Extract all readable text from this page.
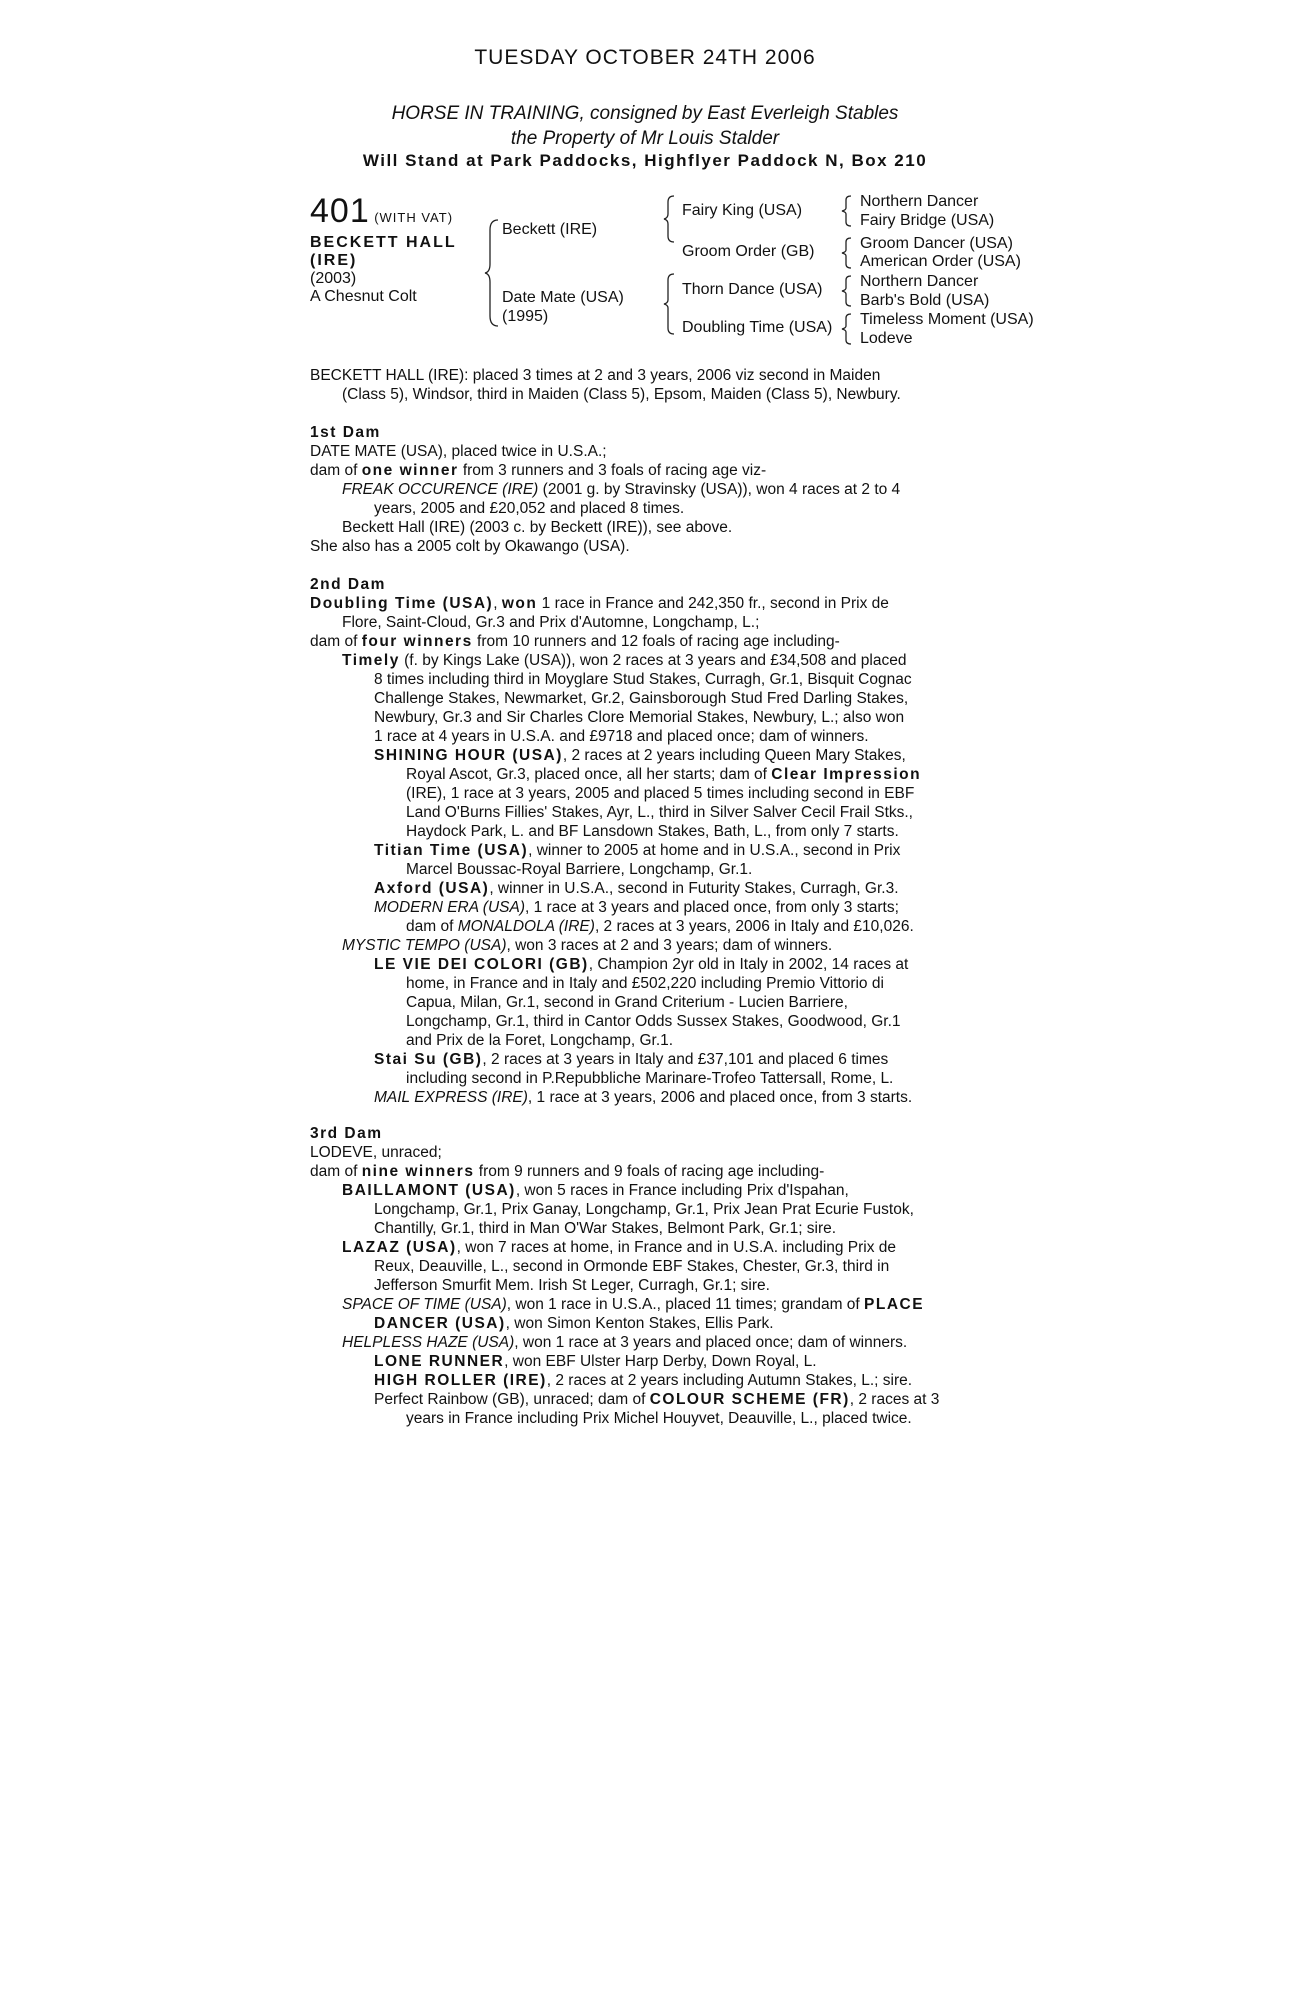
TUESDAY OCTOBER 24TH 2006
HORSE IN TRAINING, consigned by East Everleigh Stables
the Property of Mr Louis Stalder
Will Stand at Park Paddocks, Highflyer Paddock N, Box 210
401 (WITH VAT)
BECKETT HALL
(IRE)
(2003)
A Chesnut Colt
Beckett (IRE)
Date Mate (USA)
(1995)
Fairy King (USA)
Groom Order (GB)
Thorn Dance (USA)
Doubling Time (USA)
Northern Dancer
Fairy Bridge (USA)
Groom Dancer (USA)
American Order (USA)
Northern Dancer
Barb's Bold (USA)
Timeless Moment (USA)
Lodeve
BECKETT HALL (IRE): placed 3 times at 2 and 3 years, 2006 viz second in Maiden
(Class 5), Windsor, third in Maiden (Class 5), Epsom, Maiden (Class 5), Newbury.
1st Dam
DATE MATE (USA), placed twice in U.S.A.;
dam of one winner from 3 runners and 3 foals of racing age viz-
FREAK OCCURENCE (IRE) (2001 g. by Stravinsky (USA)), won 4 races at 2 to 4
years, 2005 and £20,052 and placed 8 times.
Beckett Hall (IRE) (2003 c. by Beckett (IRE)), see above.
She also has a 2005 colt by Okawango (USA).
2nd Dam
Doubling Time (USA), won 1 race in France and 242,350 fr., second in Prix de
Flore, Saint-Cloud, Gr.3 and Prix d'Automne, Longchamp, L.;
dam of four winners from 10 runners and 12 foals of racing age including-
Timely (f. by Kings Lake (USA)), won 2 races at 3 years and £34,508 and placed
8 times including third in Moyglare Stud Stakes, Curragh, Gr.1, Bisquit Cognac
Challenge Stakes, Newmarket, Gr.2, Gainsborough Stud Fred Darling Stakes,
Newbury, Gr.3 and Sir Charles Clore Memorial Stakes, Newbury, L.; also won
1 race at 4 years in U.S.A. and £9718 and placed once; dam of winners.
SHINING HOUR (USA), 2 races at 2 years including Queen Mary Stakes,
Royal Ascot, Gr.3, placed once, all her starts; dam of Clear Impression
(IRE), 1 race at 3 years, 2005 and placed 5 times including second in EBF
Land O'Burns Fillies' Stakes, Ayr, L., third in Silver Salver Cecil Frail Stks.,
Haydock Park, L. and BF Lansdown Stakes, Bath, L., from only 7 starts.
Titian Time (USA), winner to 2005 at home and in U.S.A., second in Prix
Marcel Boussac-Royal Barriere, Longchamp, Gr.1.
Axford (USA), winner in U.S.A., second in Futurity Stakes, Curragh, Gr.3.
MODERN ERA (USA), 1 race at 3 years and placed once, from only 3 starts;
dam of MONALDOLA (IRE), 2 races at 3 years, 2006 in Italy and £10,026.
MYSTIC TEMPO (USA), won 3 races at 2 and 3 years; dam of winners.
LE VIE DEI COLORI (GB), Champion 2yr old in Italy in 2002, 14 races at
home, in France and in Italy and £502,220 including Premio Vittorio di
Capua, Milan, Gr.1, second in Grand Criterium - Lucien Barriere,
Longchamp, Gr.1, third in Cantor Odds Sussex Stakes, Goodwood, Gr.1
and Prix de la Foret, Longchamp, Gr.1.
Stai Su (GB), 2 races at 3 years in Italy and £37,101 and placed 6 times
including second in P.Repubbliche Marinare-Trofeo Tattersall, Rome, L.
MAIL EXPRESS (IRE), 1 race at 3 years, 2006 and placed once, from 3 starts.
3rd Dam
LODEVE, unraced;
dam of nine winners from 9 runners and 9 foals of racing age including-
BAILLAMONT (USA), won 5 races in France including Prix d'Ispahan,
Longchamp, Gr.1, Prix Ganay, Longchamp, Gr.1, Prix Jean Prat Ecurie Fustok,
Chantilly, Gr.1, third in Man O'War Stakes, Belmont Park, Gr.1; sire.
LAZAZ (USA), won 7 races at home, in France and in U.S.A. including Prix de
Reux, Deauville, L., second in Ormonde EBF Stakes, Chester, Gr.3, third in
Jefferson Smurfit Mem. Irish St Leger, Curragh, Gr.1; sire.
SPACE OF TIME (USA), won 1 race in U.S.A., placed 11 times; grandam of PLACE
DANCER (USA), won Simon Kenton Stakes, Ellis Park.
HELPLESS HAZE (USA), won 1 race at 3 years and placed once; dam of winners.
LONE RUNNER, won EBF Ulster Harp Derby, Down Royal, L.
HIGH ROLLER (IRE), 2 races at 2 years including Autumn Stakes, L.; sire.
Perfect Rainbow (GB), unraced; dam of COLOUR SCHEME (FR), 2 races at 3
years in France including Prix Michel Houyvet, Deauville, L., placed twice.
